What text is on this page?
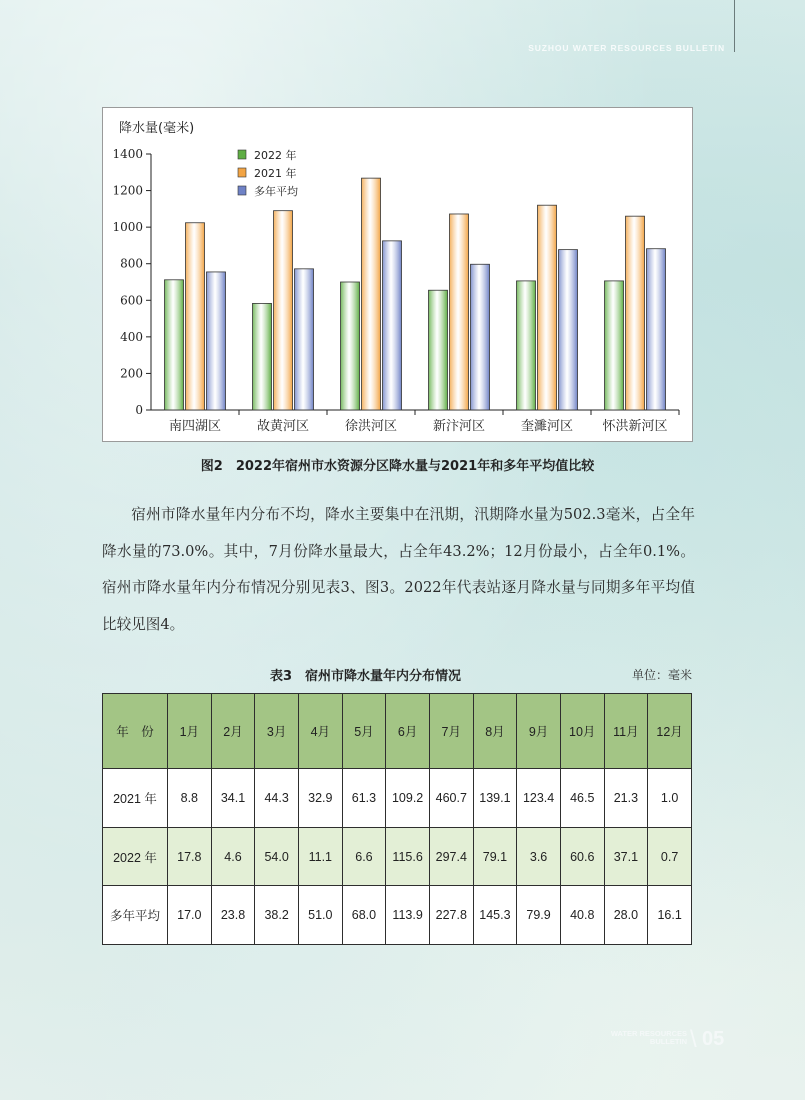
SUZHOU WATER RESOURCES BULLETIN
降水量(毫米)
0
200
400
600
800
1000
1200
1400
南四湖区	故黄河区	徐洪河区	新汴河区	奎濉河区 怀洪新河区
2022 年
2021 年
多年平均
图2　2022年宿州市水资源分区降水量与2021年和多年平均值比较
宿州市降水量年内分布不均，降水主要集中在汛期，汛期降水量为502.3毫米，占全年降水量的73.0%。其中，7月份降水量最大，占全年43.2%；12月份最小，占全年0.1%。宿州市降水量年内分布情况分别见表3、图3。2022年代表站逐月降水量与同期多年平均值比较见图4。
表3　宿州市降水量年内分布情况	单位：毫米
年　份	1月	2月	3月	4月	5月	6月	7月	8月	9月	10月	11月	12月
2021 年	8.8	34.1	44.3	32.9	61.3	109.2	460.7	139.1	123.4	46.5	21.3	1.0
2022 年	17.8	4.6	54.0	11.1	6.6	115.6	297.4	79.1	3.6	60.6	37.1	0.7
多年平均	17.0	23.8	38.2	51.0	68.0	113.9	227.8	145.3	79.9	40.8	28.0	16.1
WATER RESOURCES
BULLETIN \ 05
